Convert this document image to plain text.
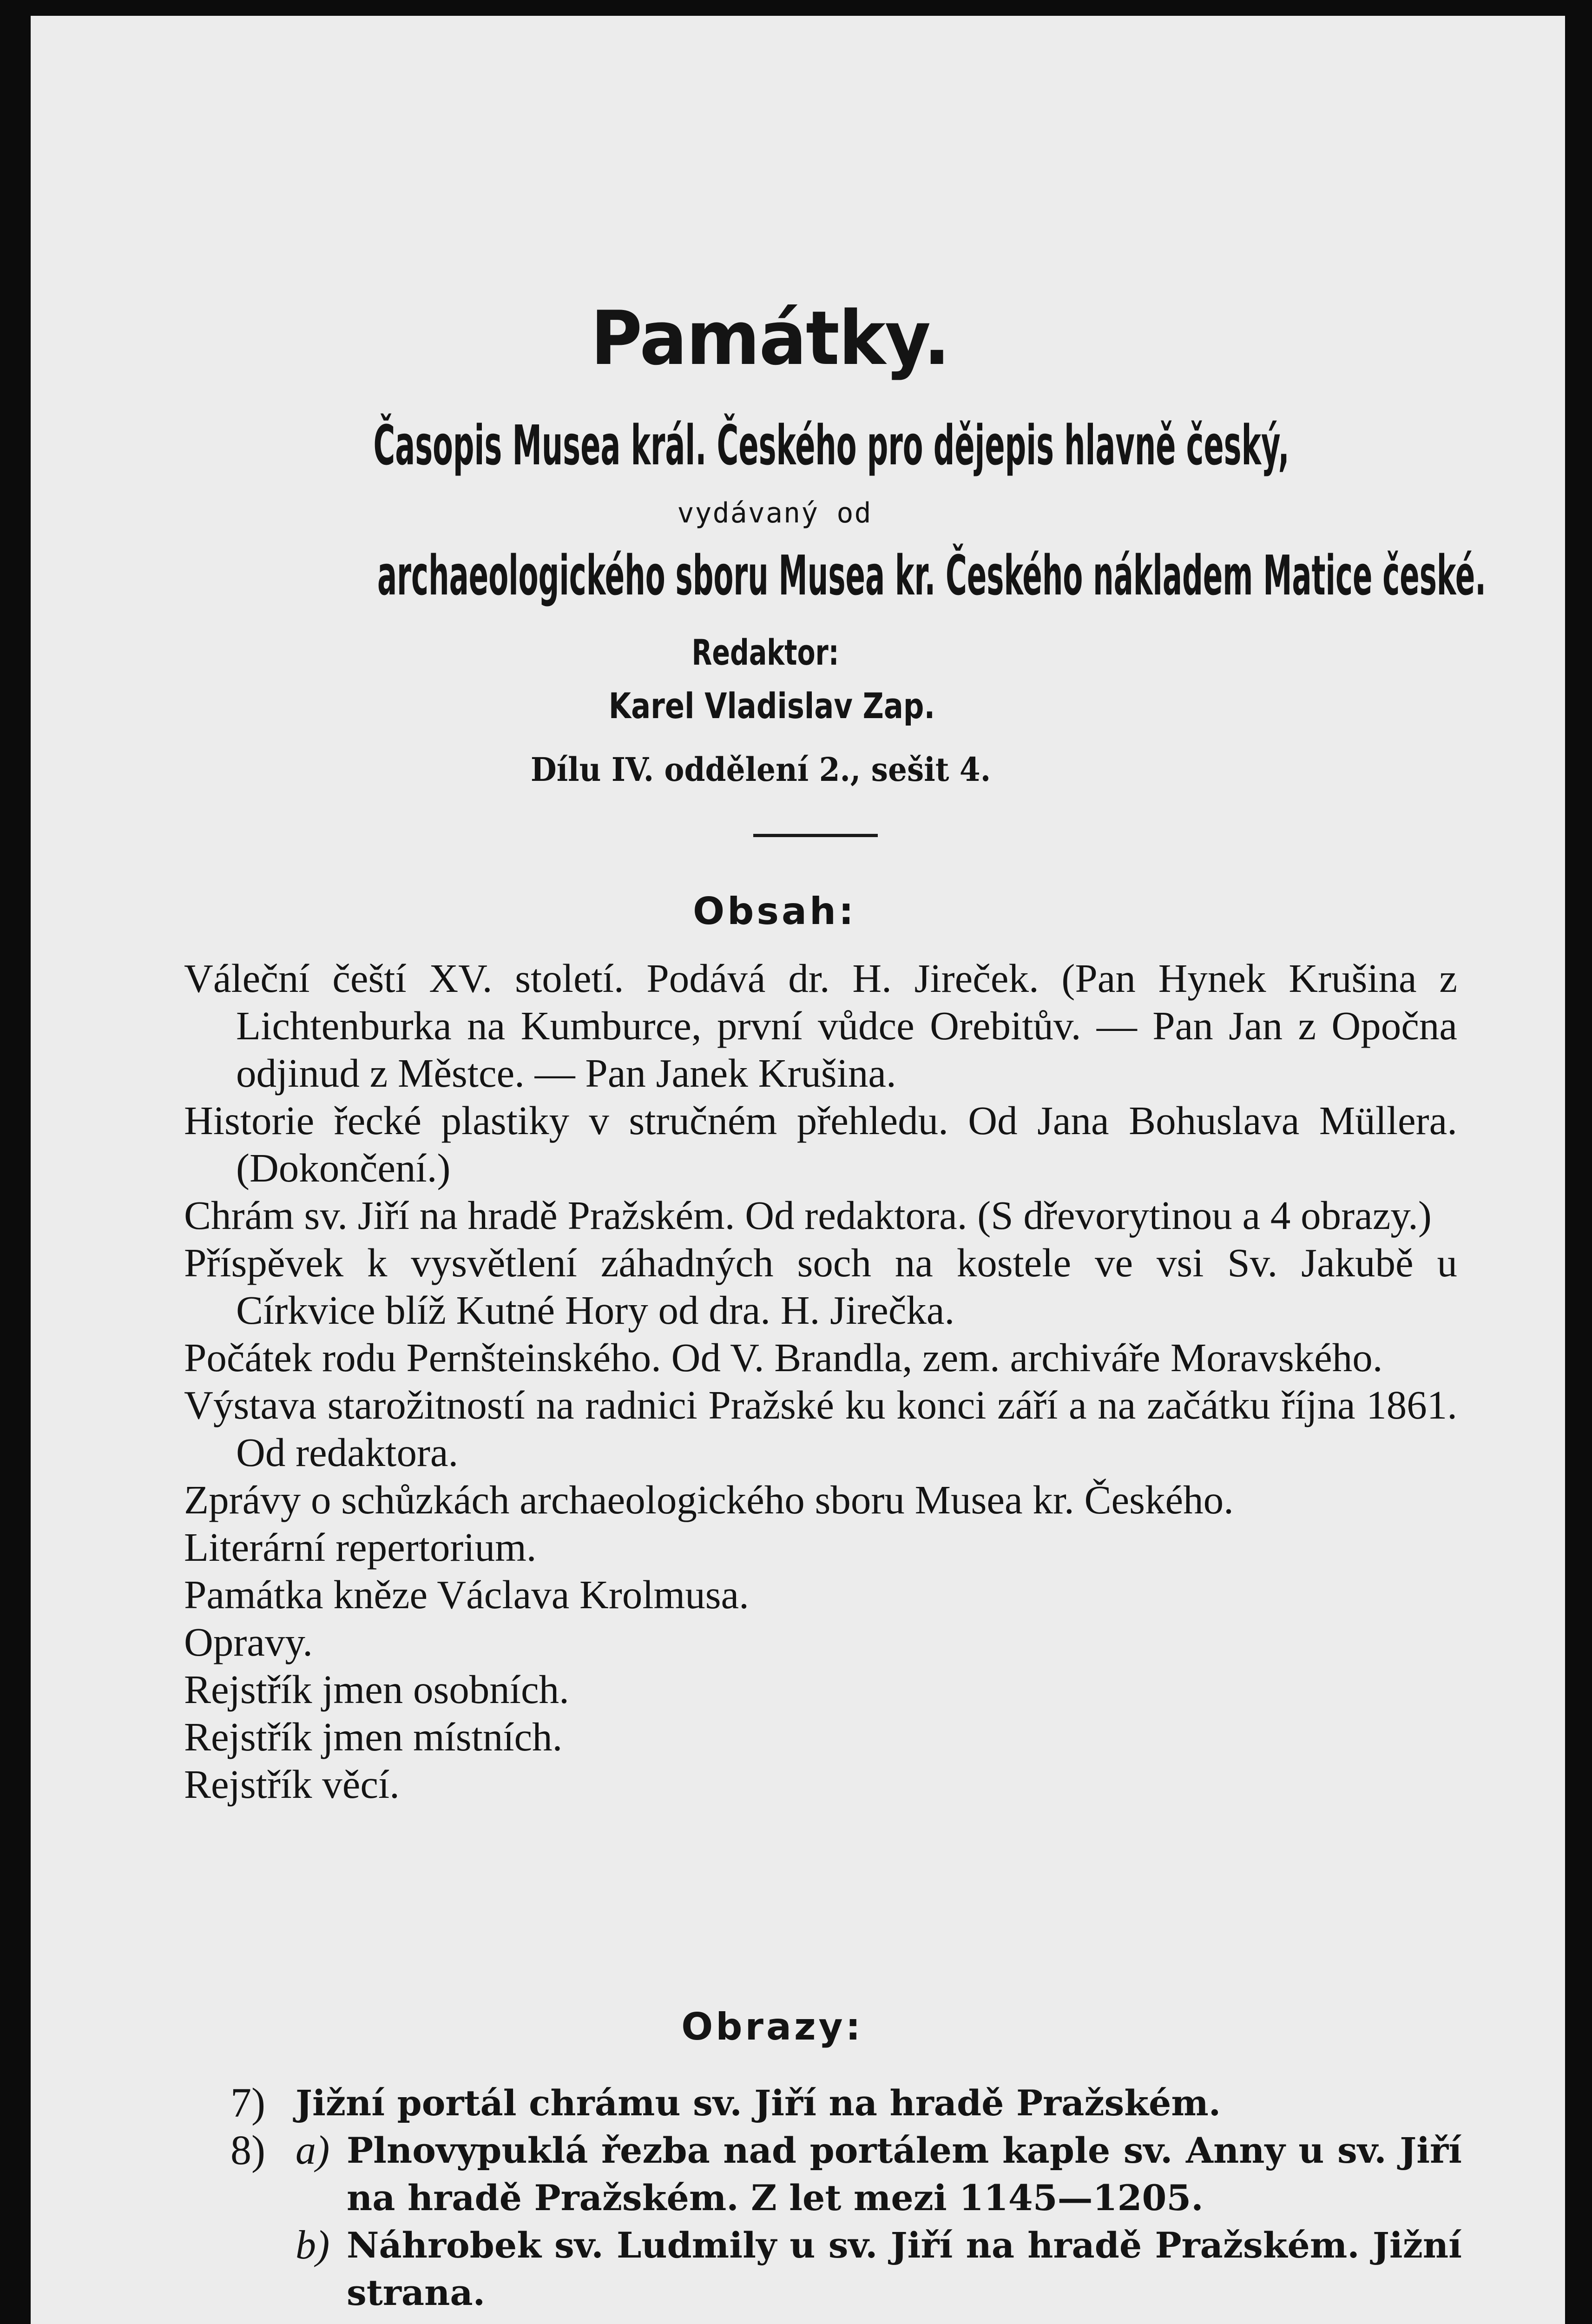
Památky.
Časopis Musea král. Českého pro dějepis hlavně český,
vydávaný od
archaeologického sboru Musea kr. Českého nákladem Matice české.
Redaktor:
Karel Vladislav Zap.
Dílu IV. oddělení 2., sešit 4.
Obsah:
Váleční čeští XV. století. Podává dr. H. Jireček. (Pan Hynek Krušina z Lichtenburka na Kumburce, první vůdce Orebitův. — Pan Jan z Opočna odjinud z Městce. — Pan Janek Krušina.
Historie řecké plastiky v stručném přehledu. Od Jana Bohuslava Müllera. (Dokončení.)
Chrám sv. Jiří na hradě Pražském. Od redaktora. (S dřevorytinou a 4 obrazy.)
Příspěvek k vysvětlení záhadných soch na kostele ve vsi Sv. Jakubě u Církvice blíž Kutné Hory od dra. H. Jirečka.
Počátek rodu Pernšteinského. Od V. Brandla, zem. archiváře Moravského.
Výstava starožitností na radnici Pražské ku konci září a na začátku října 1861. Od redaktora.
Zprávy o schůzkách archaeologického sboru Musea kr. Českého.
Literární repertorium.
Památka kněze Václava Krolmusa.
Opravy.
Rejstřík jmen osobních.
Rejstřík jmen místních.
Rejstřík věcí.
Obrazy:
7) Jižní portál chrámu sv. Jiří na hradě Pražském.
8) a) Plnovypuklá řezba nad portálem kaple sv. Anny u sv. Jiří na hradě Pražském. Z let mezi 1145—1205.
b) Náhrobek sv. Ludmily u sv. Jiří na hradě Pražském. Jižní strana.
